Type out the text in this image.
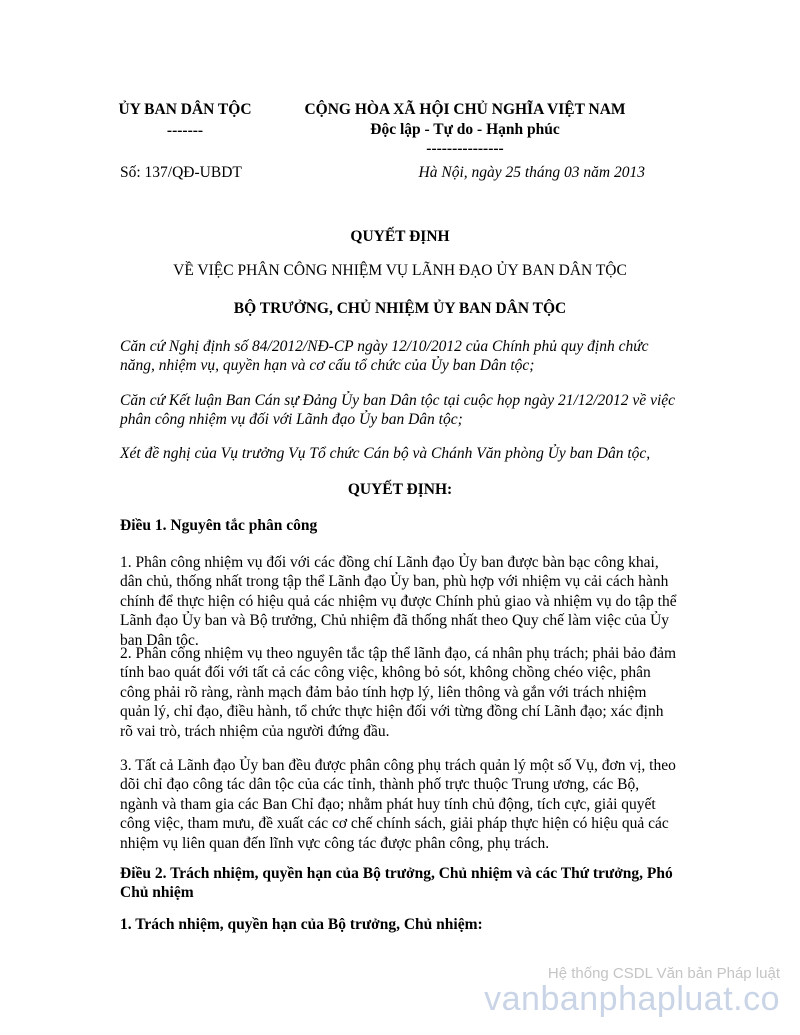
ỦY BAN DÂN TỘC
-------
CỘNG HÒA XÃ HỘI CHỦ NGHĨA VIỆT NAM
Độc lập - Tự do - Hạnh phúc
---------------
Số: 137/QĐ-UBDT	Hà Nội, ngày 25 tháng 03 năm 2013
QUYẾT ĐỊNH
VỀ VIỆC PHÂN CÔNG NHIỆM VỤ LÃNH ĐẠO ỦY BAN DÂN TỘC
BỘ TRƯỞNG, CHỦ NHIỆM ỦY BAN DÂN TỘC
Căn cứ Nghị định số 84/2012/NĐ-CP ngày 12/10/2012 của Chính phủ quy định chức năng, nhiệm vụ, quyền hạn và cơ cấu tổ chức của Ủy ban Dân tộc;
Căn cứ Kết luận Ban Cán sự Đảng Ủy ban Dân tộc tại cuộc họp ngày 21/12/2012 về việc phân công nhiệm vụ đối với Lãnh đạo Ủy ban Dân tộc;
Xét đề nghị của Vụ trưởng Vụ Tổ chức Cán bộ và Chánh Văn phòng Ủy ban Dân tộc,
QUYẾT ĐỊNH:
Điều 1. Nguyên tắc phân công
1. Phân công nhiệm vụ đối với các đồng chí Lãnh đạo Ủy ban được bàn bạc công khai, dân chủ, thống nhất trong tập thể Lãnh đạo Ủy ban, phù hợp với nhiệm vụ cải cách hành chính để thực hiện có hiệu quả các nhiệm vụ được Chính phủ giao và nhiệm vụ do tập thể Lãnh đạo Ủy ban và Bộ trưởng, Chủ nhiệm đã thống nhất theo Quy chế làm việc của Ủy ban Dân tộc.
2. Phân công nhiệm vụ theo nguyên tắc tập thể lãnh đạo, cá nhân phụ trách; phải bảo đảm tính bao quát đối với tất cả các công việc, không bỏ sót, không chồng chéo việc, phân công phải rõ ràng, rành mạch đảm bảo tính hợp lý, liên thông và gắn với trách nhiệm quản lý, chỉ đạo, điều hành, tổ chức thực hiện đối với từng đồng chí Lãnh đạo; xác định rõ vai trò, trách nhiệm của người đứng đầu.
3. Tất cả Lãnh đạo Ủy ban đều được phân công phụ trách quản lý một số Vụ, đơn vị, theo dõi chỉ đạo công tác dân tộc của các tỉnh, thành phố trực thuộc Trung ương, các Bộ, ngành và tham gia các Ban Chỉ đạo; nhằm phát huy tính chủ động, tích cực, giải quyết công việc, tham mưu, đề xuất các cơ chế chính sách, giải pháp thực hiện có hiệu quả các nhiệm vụ liên quan đến lĩnh vực công tác được phân công, phụ trách.
Điều 2. Trách nhiệm, quyền hạn của Bộ trưởng, Chủ nhiệm và các Thứ trưởng, Phó Chủ nhiệm
1. Trách nhiệm, quyền hạn của Bộ trưởng, Chủ nhiệm:
Hệ thống CSDL Văn bản Pháp luật
vanbanphapluat.co
